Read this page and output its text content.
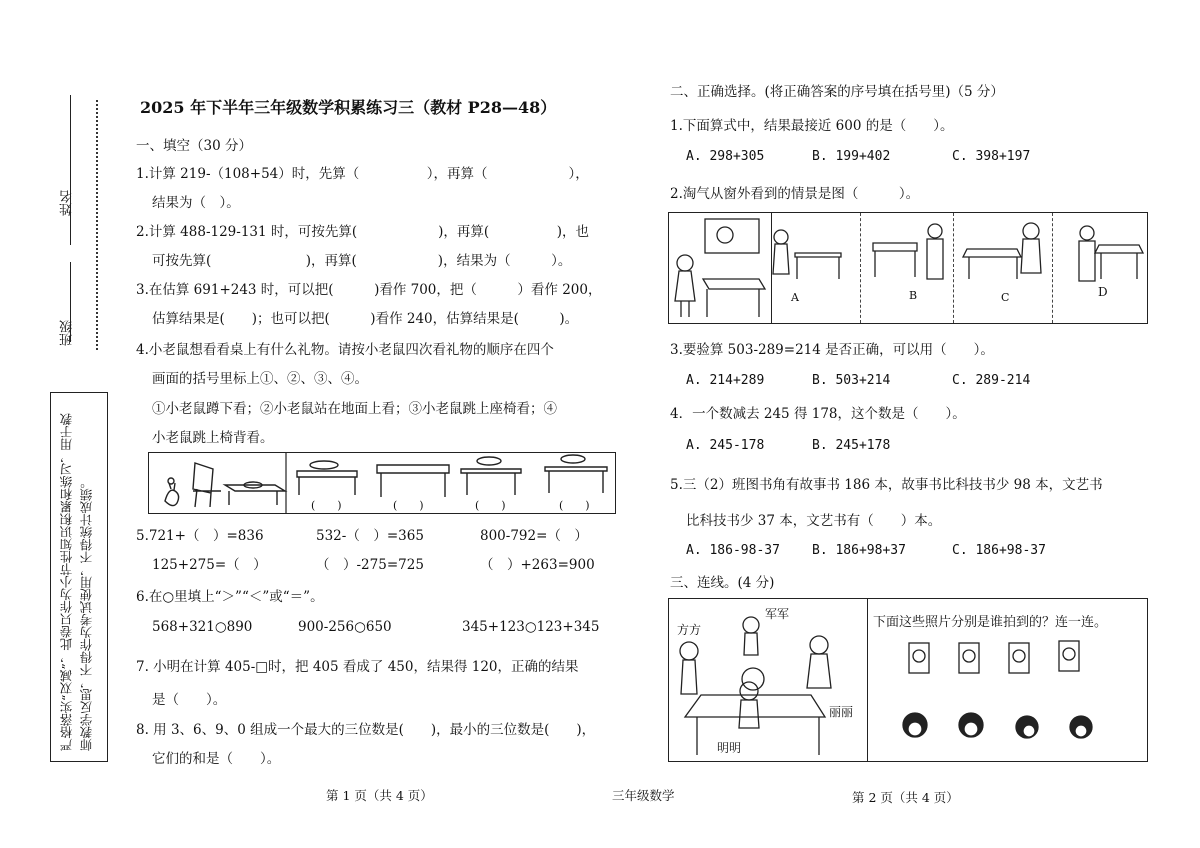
姓名
班级
严格落实“双减”，此卷只作为小节性知识积累和练习，用于教师教学反思，不得作为考试使用，不得统计成绩。
2025 年下半年三年级数学积累练习三（教材 P28—48）
一、填空（30 分）
1.计算 219-（108+54）时，先算（　　　　　），再算（　　　　　　），
结果为（　）。
2.计算 488-129-131 时，可按先算(　　　　　　)，再算(　　　　　)，也
可按先算(　　　　　　　)，再算(　　　　　　)，结果为（　　　）。
3.在估算 691+243 时，可以把(　　　)看作 700，把（　　　）看作 200，
估算结果是(　　)；也可以把(　　　)看作 240，估算结果是(　　　)。
4.小老鼠想看看桌上有什么礼物。请按小老鼠四次看礼物的顺序在四个
画面的括号里标上①、②、③、④。
①小老鼠蹲下看；②小老鼠站在地面上看；③小老鼠跳上座椅看；④
小老鼠跳上椅背看。
(　　)	(　　)	(　　)	(　　)
5.721+（　）=836	532-（　）=365	800-792=（　）
125+275=（　）	（　）-275=725	（　）+263=900
6.在○里填上“＞”“＜”或“＝”。
568+321○890	900-256○650	345+123○123+345
7. 小明在计算 405-□时，把 405 看成了 450，结果得 120，正确的结果
是（　　）。
8. 用 3、6、9、0 组成一个最大的三位数是(　　)，最小的三位数是(　　)，
它们的和是（　　）。
第 1 页（共 4 页）	三年级数学
二、正确选择。(将正确答案的序号填在括号里)（5 分）
1.下面算式中，结果最接近 600 的是（　　）。
A. 298+305	B. 199+402	C. 398+197
2.淘气从窗外看到的情景是图（　　　）。
A	B	C	D
3.要验算 503-289=214 是否正确，可以用（　　）。
A. 214+289	B. 503+214	C. 289-214
4．一个数减去 245 得 178，这个数是（　　）。
A. 245-178	B. 245+178
5.三（2）班图书角有故事书 186 本，故事书比科技书少 98 本，文艺书
比科技书少 37 本，文艺书有（　　）本。
A. 186-98-37 B. 186+98+37	C. 186+98-37
三、连线。(4 分)
方方
军军
丽丽
明明
下面这些照片分别是谁拍到的？连一连。
第 2 页（共 4 页）
